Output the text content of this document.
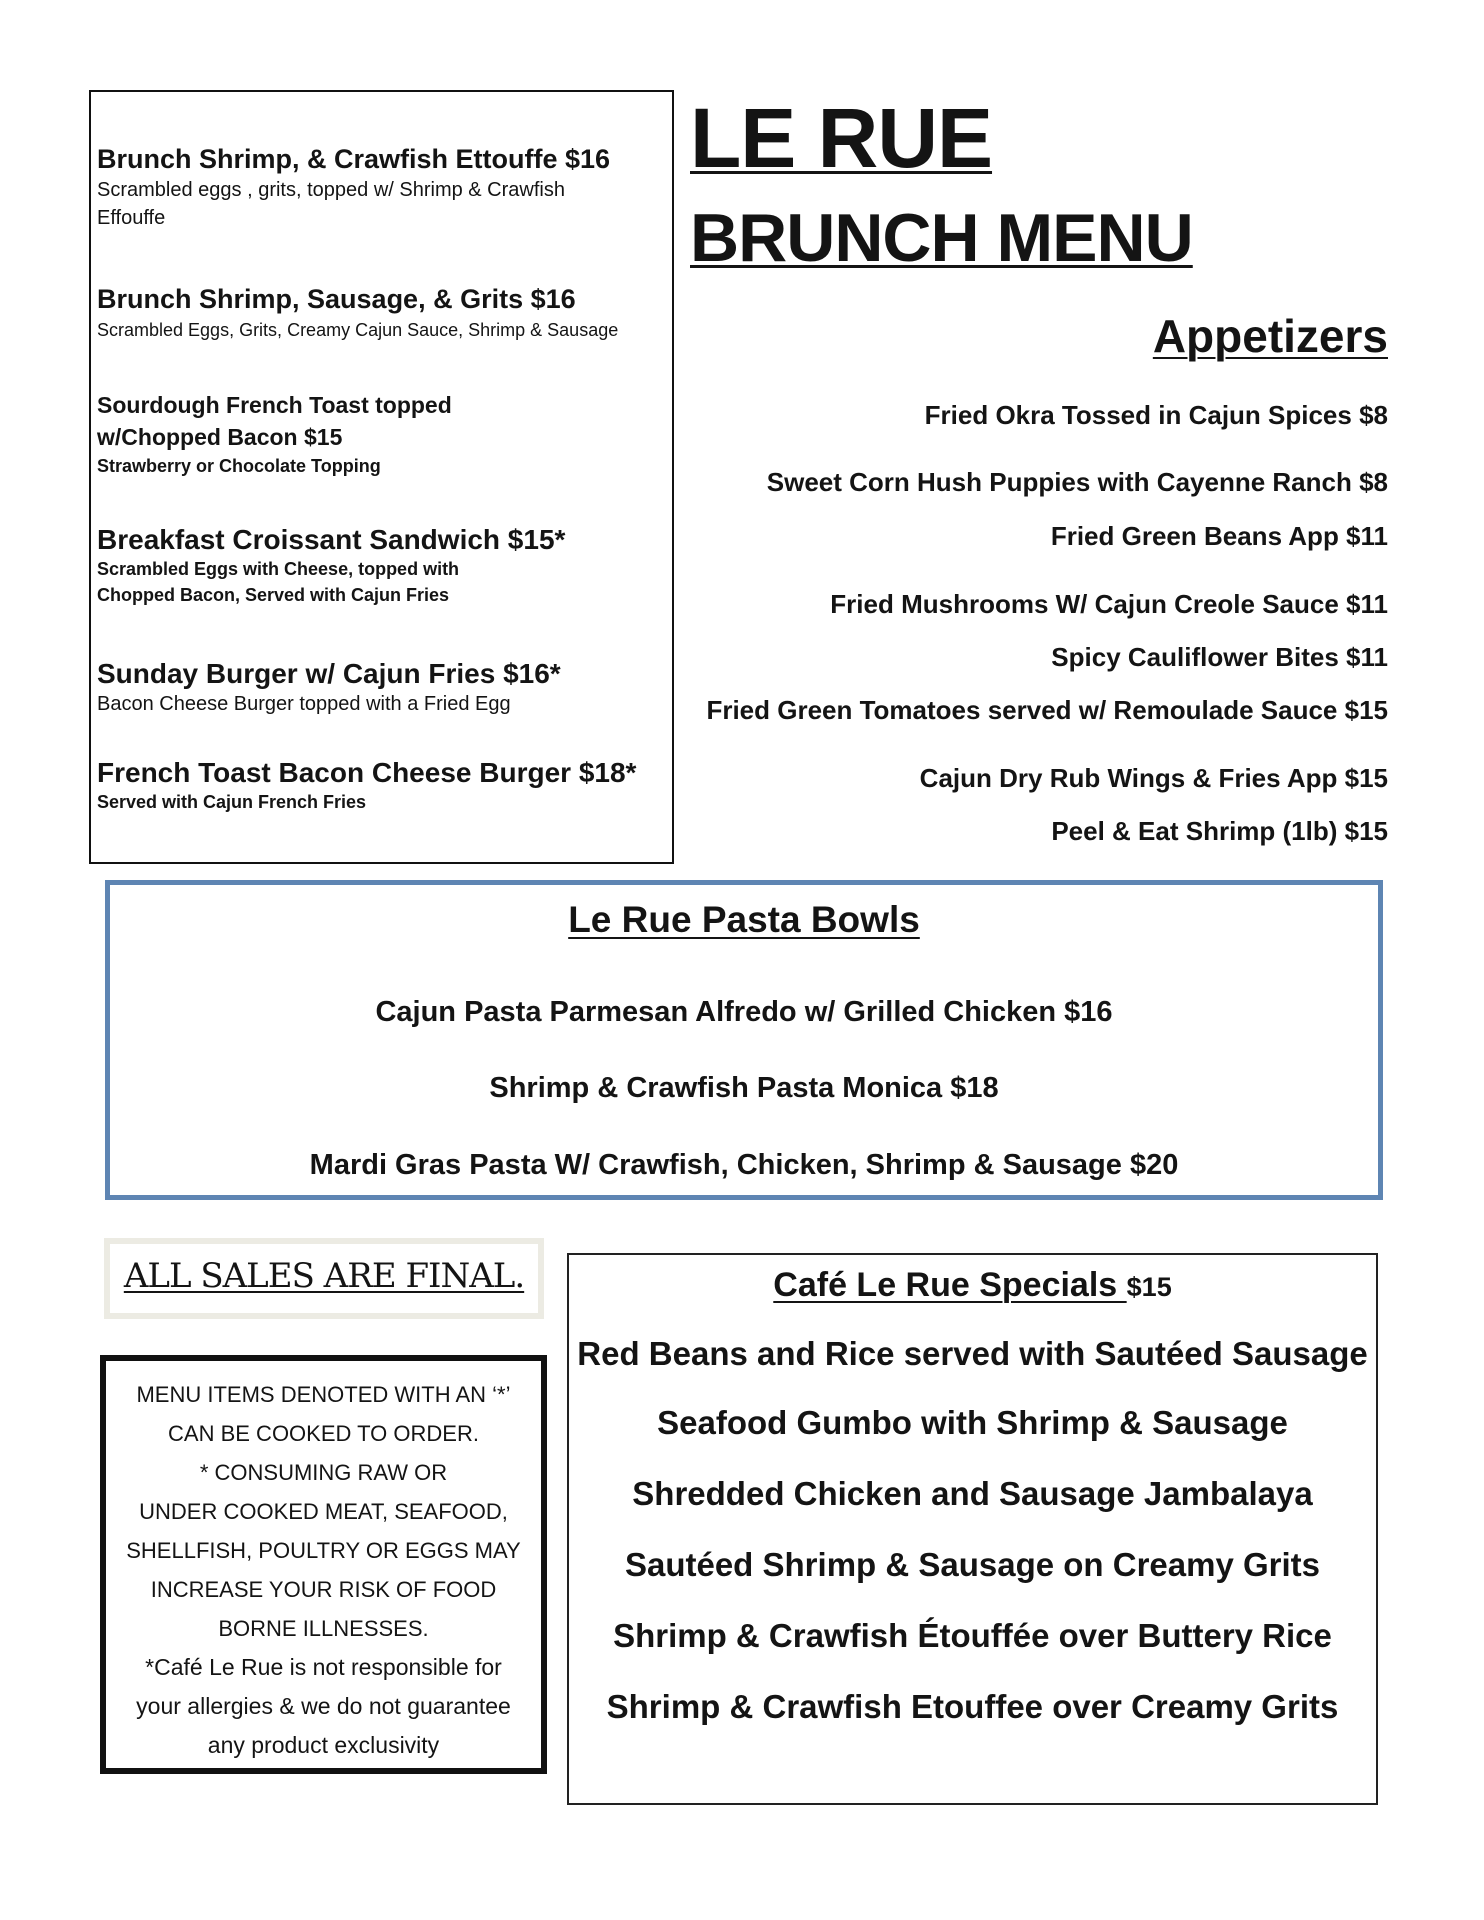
Brunch Shrimp, & Crawfish Ettouffe $16
Scrambled eggs , grits, topped w/ Shrimp & Crawfish
Effouffe
Brunch Shrimp, Sausage, & Grits $16
Scrambled Eggs, Grits, Creamy Cajun Sauce, Shrimp & Sausage
Sourdough French Toast topped
w/Chopped Bacon $15
Strawberry or Chocolate Topping
Breakfast Croissant Sandwich $15*
Scrambled Eggs with Cheese, topped with
Chopped Bacon, Served with Cajun Fries
Sunday Burger w/ Cajun Fries $16*
Bacon Cheese Burger topped with a Fried Egg
French Toast Bacon Cheese Burger $18*
Served with Cajun French Fries
LE RUE
BRUNCH MENU
Appetizers
Fried Okra Tossed in Cajun Spices $8
Sweet Corn Hush Puppies with Cayenne Ranch $8
Fried Green Beans App $11
Fried Mushrooms W/ Cajun Creole Sauce $11
Spicy Cauliflower Bites $11
Fried Green Tomatoes served w/ Remoulade Sauce $15
Cajun Dry Rub Wings & Fries App $15
Peel & Eat Shrimp (1lb) $15
Le Rue Pasta Bowls
Cajun Pasta Parmesan Alfredo w/ Grilled Chicken $16
Shrimp & Crawfish Pasta Monica $18
Mardi Gras Pasta W/ Crawfish, Chicken, Shrimp & Sausage $20
ALL SALES ARE FINAL.
MENU ITEMS DENOTED WITH AN ‘*’
CAN BE COOKED TO ORDER.
* CONSUMING RAW OR
UNDER COOKED MEAT, SEAFOOD,
SHELLFISH, POULTRY OR EGGS MAY
INCREASE YOUR RISK OF FOOD
BORNE ILLNESSES.
*Café Le Rue is not responsible for
your allergies & we do not guarantee
any product exclusivity
Café Le Rue Specials $15
Red Beans and Rice served with Sautéed Sausage
Seafood Gumbo with Shrimp & Sausage
Shredded Chicken and Sausage Jambalaya
Sautéed Shrimp & Sausage on Creamy Grits
Shrimp & Crawfish Étouffée over Buttery Rice
Shrimp & Crawfish Etouffee over Creamy Grits
